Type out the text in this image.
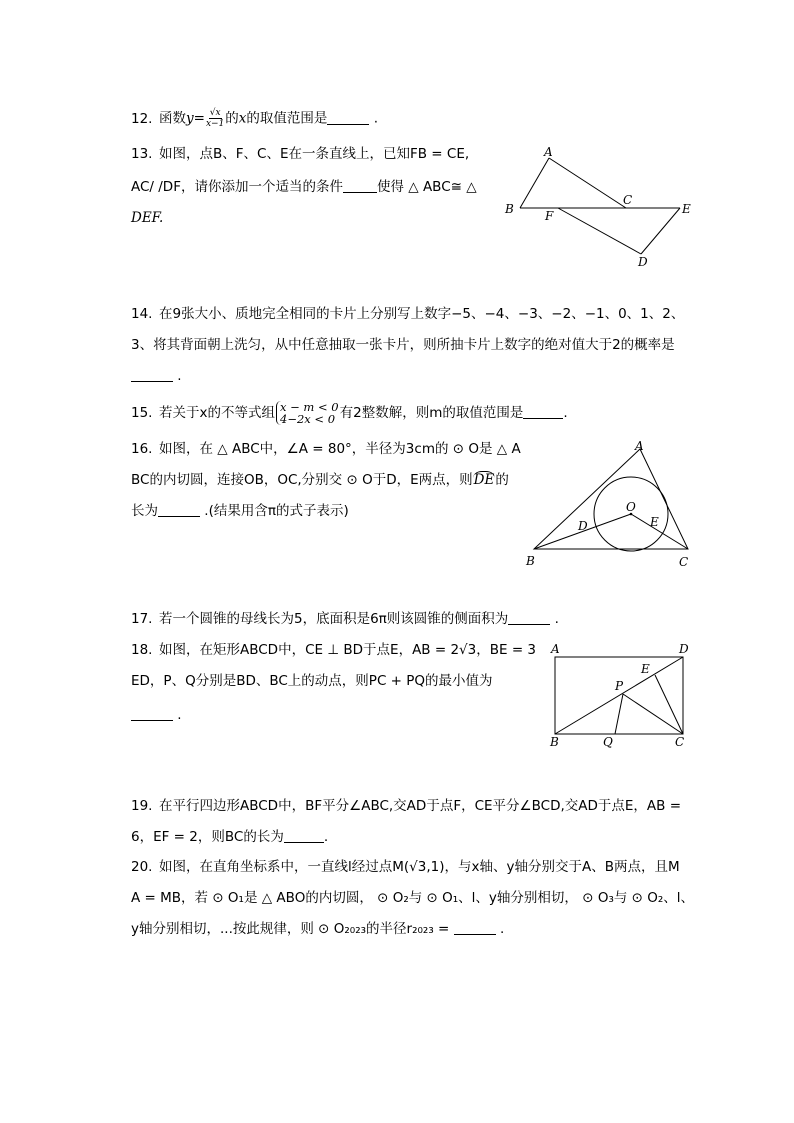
12. 函数$y= \frac{√x}{x-1}$ 的x的取值范围是	.
13. 如图，点B、F、C、E在一条直线上，已知FB = CE,
AC/ /DF，请你添加一个适当的条件	使得 △ ABC≅ △
DEF.
A
B	F
C
E
D
14. 在9张大小、质地完全相同的卡片上分别写上数字−5、−4、−3、−2、−1、0、1、2、
3、将其背面朝上洗匀，从中任意抽取一张卡片，则所抽卡片上数字的绝对值大于2的概率是
.
15. 若关于x的不等式组 x − m < 0
4−2x < 0 有2整数解，则m的取值范围是	.
16. 如图，在 △ ABC中，∠A = 80°，半径为3cm的 ⊙ O是 △ A
BC的内切圆，连接OB，OC,分别交 ⊙ O于D，E两点，则DE的
长为	.(结果用含π的式子表示)
A
B	C
D	E
O
17. 若一个圆锥的母线长为5，底面积是6π则该圆锥的侧面积为	.
18. 如图，在矩形ABCD中，CE ⊥ BD于点E，AB = 2√3，BE = 3
ED，P、Q分别是BD、BC上的动点，则PC + PQ的最小值为
.
A	D
E
P
B	Q	C
19. 在平行四边形ABCD中，BF平分∠ABC,交AD于点F，CE平分∠BCD,交AD于点E，AB =
6，EF = 2，则BC的长为	.
20. 如图，在直角坐标系中，一直线l经过点M(√3,1)，与x轴、y轴分别交于A、B两点，且M
A = MB，若 ⊙ O₁是 △ ABO的内切圆， ⊙ O₂与 ⊙ O₁、l、y轴分别相切， ⊙ O₃与 ⊙ O₂、l、
y轴分别相切，...按此规律，则 ⊙ O₂₀₂₃的半径r₂₀₂₃ =	.
